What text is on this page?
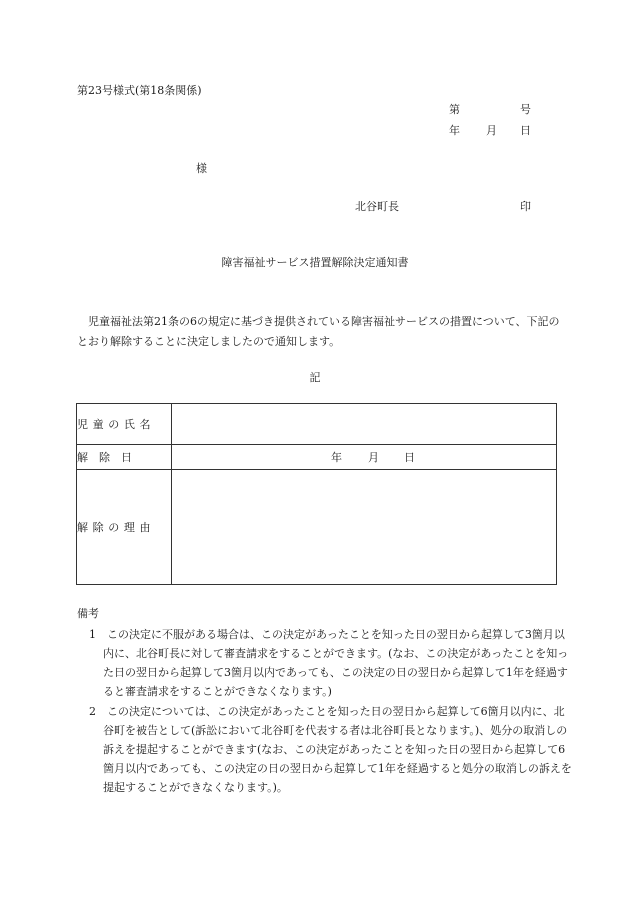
第23号様式(第18条関係)
第	号
年 月 日
様
北谷町長	印
障害福祉サービス措置解除決定通知書
児童福祉法第21条の6の規定に基づき提供されている障害福祉サービスの措置について、下記のとおり解除することに決定しましたので通知します。
記
児童の氏名	

解　除　日	年 月 日

解除の理由	

備考
1　この決定に不服がある場合は、この決定があったことを知った日の翌日から起算して3箇月以内に、北谷町長に対して審査請求をすることができます。(なお、この決定があったことを知った日の翌日から起算して3箇月以内であっても、この決定の日の翌日から起算して1年を経過すると審査請求をすることができなくなります。)
2　この決定については、この決定があったことを知った日の翌日から起算して6箇月以内に、北谷町を被告として(訴訟において北谷町を代表する者は北谷町長となります。)、処分の取消しの訴えを提起することができます(なお、この決定があったことを知った日の翌日から起算して6箇月以内であっても、この決定の日の翌日から起算して1年を経過すると処分の取消しの訴えを提起することができなくなります。)。
